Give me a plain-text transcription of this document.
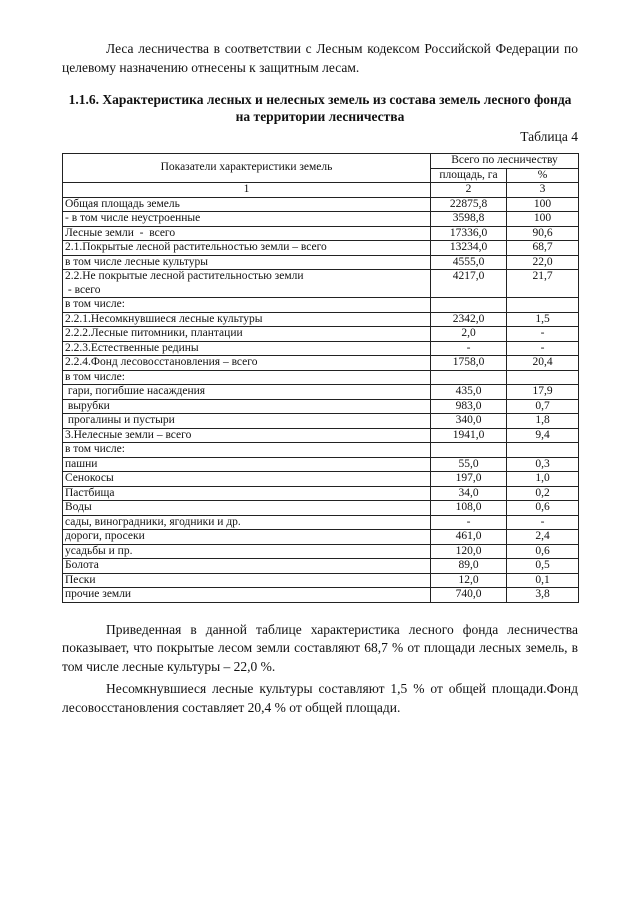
Леса лесничества в соответствии с Лесным кодексом Российской Федерации по целевому назначению отнесены к защитным лесам.

1.1.6. Характеристика лесных и нелесных земель из состава земель лесного фонда на территории лесничества
Таблица 4
Показатели характеристики земель	Всего по лесничеству	
	площадь, га	%
1	2	3
Общая площадь земель	22875,8	100
- в том числе неустроенные	3598,8	100
Лесные земли  -  всего	17336,0	90,6
2.1.Покрытые лесной растительностью земли – всего	13234,0	68,7
в том числе лесные культуры	4555,0	22,0
2.2.Не покрытые лесной растительностью земли
- всего	4217,0	21,7
в том числе:		
2.2.1.Несомкнувшиеся лесные культуры	2342,0	1,5
2.2.2.Лесные питомники, плантации	2,0	-
2.2.3.Естественные редины	-	-
2.2.4.Фонд лесовосстановления – всего	1758,0	20,4
в том числе:		
гари, погибшие насаждения	435,0	17,9
вырубки	983,0	0,7
прогалины и пустыри	340,0	1,8
3.Нелесные земли – всего	1941,0	9,4
в том числе:		
пашни	55,0	0,3
Сенокосы	197,0	1,0
Пастбища	34,0	0,2
Воды	108,0	0,6
сады, виноградники, ягодники и др.	-	-
дороги, просеки	461,0	2,4
усадьбы и пр.	120,0	0,6
Болота	89,0	0,5
Пески	12,0	0,1
прочие земли	740,0	3,8

Приведенная в данной таблице характеристика лесного фонда лесничества показывает, что покрытые лесом земли составляют 68,7 % от площади лесных земель, в том числе лесные культуры – 22,0 %.

Несомкнувшиеся лесные культуры составляют 1,5 % от общей площади.Фонд лесовосстановления составляет 20,4 % от общей площади.
